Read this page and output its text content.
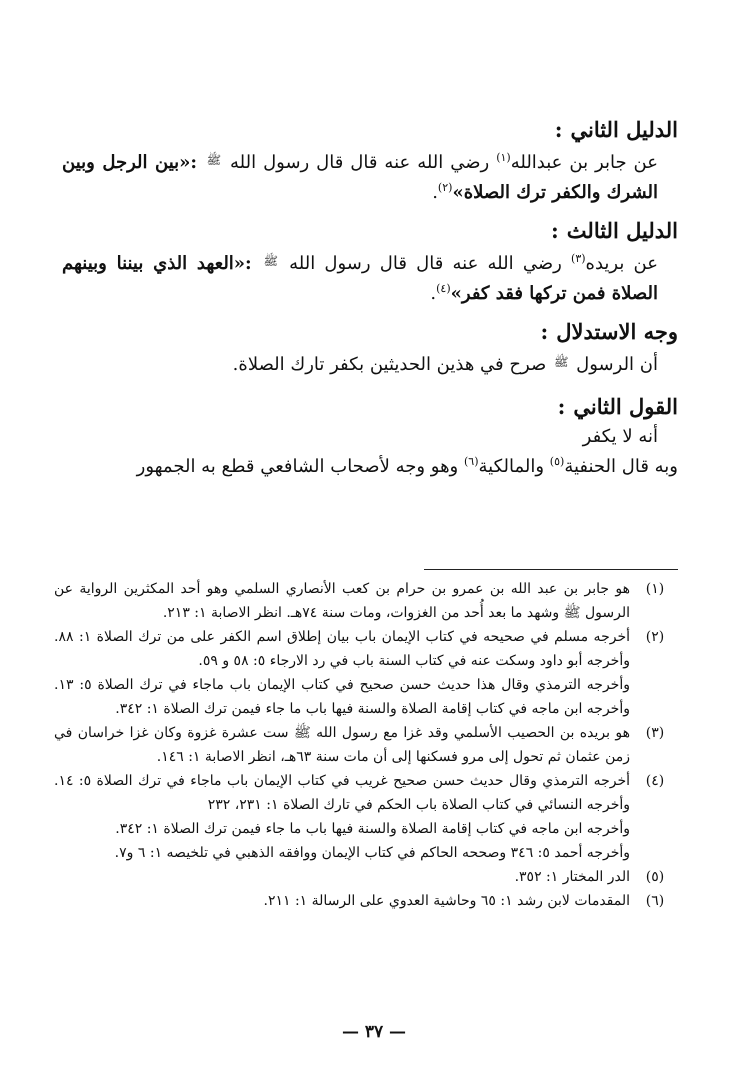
الدليل الثاني:

عن جابر بن عبدالله$^{(١)}$ رضي الله عنه قال قال رسول الله $^ﷺ$ :«بين الرجل وبين الشرك والكفر ترك الصلاة»$^{(٢)}$.

الدليل الثالث:

عن بريده$^{(٣)}$ رضي الله عنه قال قال رسول الله $^ﷺ$ :«العهد الذي بيننا وبينهم الصلاة فمن تركها فقد كفر»$^{(٤)}$.

وجه الاستدلال:

أن الرسول $^ﷺ$ صرح في هذين الحديثين بكفر تارك الصلاة.

القول الثاني:

أنه لا يكفر

وبه قال الحنفية$^{(٥)}$ والمالكية$^{(٦)}$ وهو وجه لأصحاب الشافعي قطع به الجمهور

(١)

هو جابر بن عبد الله بن عمرو بن حرام بن كعب الأنصاري السلمي وهو أحد المكثرين الرواية عن الرسول ﷺ وشهد ما بعد أُحد من الغزوات، ومات سنة ٧٤هـ. انظر الاصابة ١: ٢١٣.

(٢)

أخرجه مسلم في صحيحه في كتاب الإيمان باب بيان إطلاق اسم الكفر على من ترك الصلاة ١: ٨٨. وأخرجه أبو داود وسكت عنه في كتاب السنة باب في رد الارجاء ٥: ٥٨ و ٥٩.

وأخرجه الترمذي وقال هذا حديث حسن صحيح في كتاب الإيمان باب ماجاء في ترك الصلاة ٥: ١٣. وأخرجه ابن ماجه في كتاب إقامة الصلاة والسنة فيها باب ما جاء فيمن ترك الصلاة ١: ٣٤٢.

(٣)

هو بريده بن الحصيب الأسلمي وقد غزا مع رسول الله ﷺ ست عشرة غزوة وكان غزا خراسان في زمن عثمان ثم تحول إلى مرو فسكنها إلى أن مات سنة ٦٣هـ، انظر الاصابة ١: ١٤٦.

(٤)

أخرجه الترمذي وقال حديث حسن صحيح غريب في كتاب الإيمان باب ماجاء في ترك الصلاة ٥: ١٤. وأخرجه النسائي في كتاب الصلاة باب الحكم في تارك الصلاة ١: ٢٣١، ٢٣٢

وأخرجه ابن ماجه في كتاب إقامة الصلاة والسنة فيها باب ما جاء فيمن ترك الصلاة ١: ٣٤٢.

وأخرجه أحمد ٥: ٣٤٦ وصححه الحاكم في كتاب الإيمان ووافقه الذهبي في تلخيصه ١: ٦ و٧.

(٥)

الدر المختار ١: ٣٥٢.

(٦)

المقدمات لابن رشد ١: ٦٥ وحاشية العدوي على الرسالة ١: ٢١١.

— ٣٧ —
